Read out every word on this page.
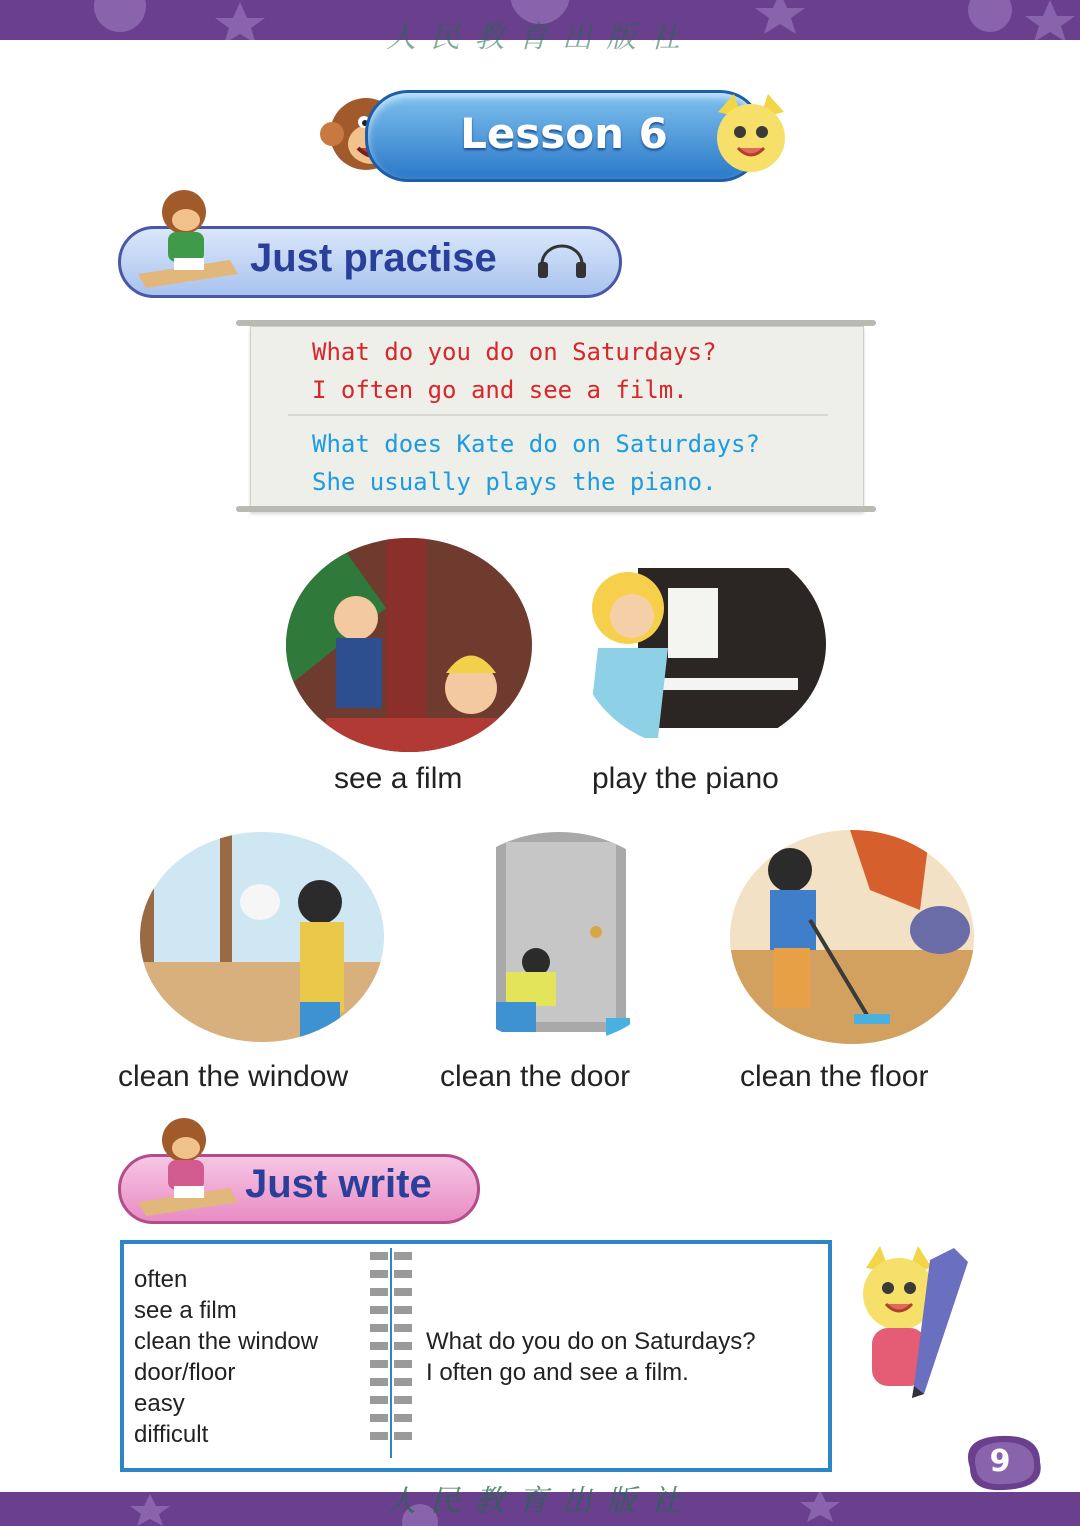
人民教育出版社
Lesson 6
Just practise
What do you do on Saturdays?
I often go and see a film.
What does Kate do on Saturdays?
She usually plays the piano.
see a film	play the piano
clean the window	clean the door	clean the floor
Just write
often
see a film
clean the window
door/floor
easy
difficult
What do you do on Saturdays?
I often go and see a film.
9
人民教育出版社
